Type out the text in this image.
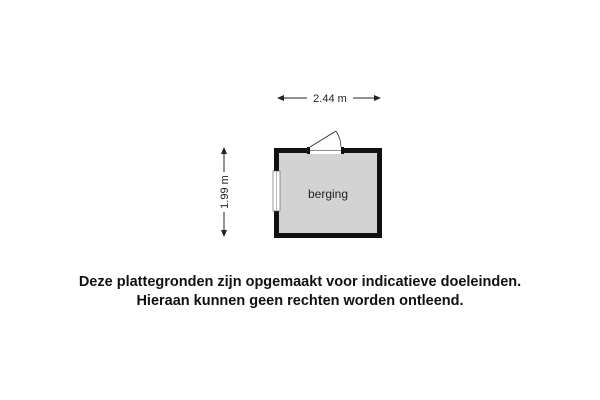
2.44 m
1.99 m	berging
Deze plattegronden zijn opgemaakt voor indicatieve doeleinden.
Hieraan kunnen geen rechten worden ontleend.
